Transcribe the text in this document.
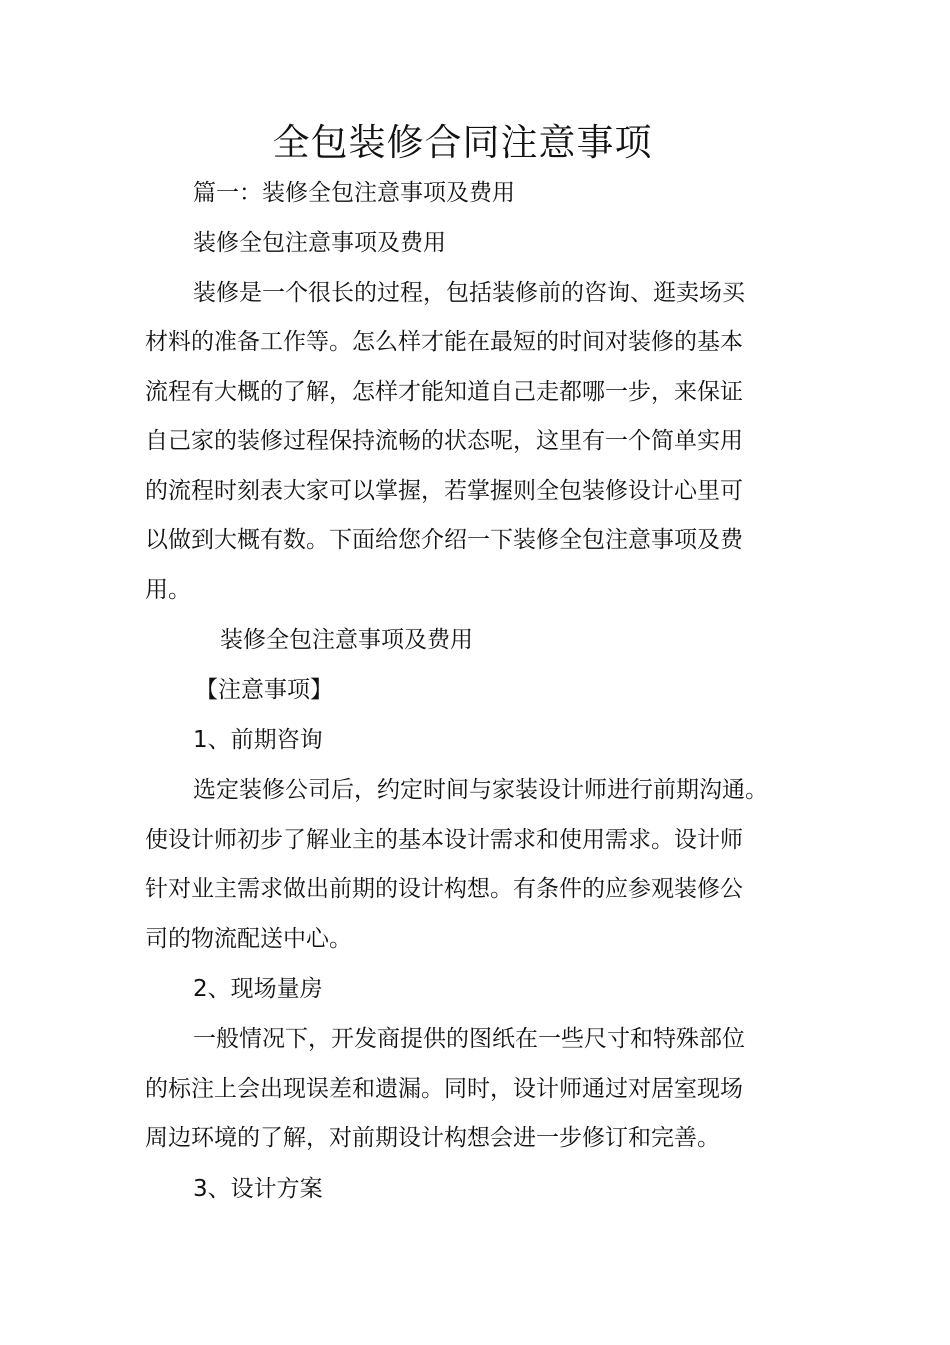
全包装修合同注意事项

篇一：装修全包注意事项及费用

装修全包注意事项及费用

装修是一个很长的过程，包括装修前的咨询、逛卖场买

材料的准备工作等。怎么样才能在最短的时间对装修的基本

流程有大概的了解，怎样才能知道自己走都哪一步，来保证

自己家的装修过程保持流畅的状态呢，这里有一个简单实用

的流程时刻表大家可以掌握，若掌握则全包装修设计心里可

以做到大概有数。下面给您介绍一下装修全包注意事项及费

用。

装修全包注意事项及费用

【注意事项】

1、前期咨询

选定装修公司后，约定时间与家装设计师进行前期沟通。

使设计师初步了解业主的基本设计需求和使用需求。设计师

针对业主需求做出前期的设计构想。有条件的应参观装修公

司的物流配送中心。

2、现场量房

一般情况下，开发商提供的图纸在一些尺寸和特殊部位

的标注上会出现误差和遗漏。同时，设计师通过对居室现场

周边环境的了解，对前期设计构想会进一步修订和完善。

3、设计方案
